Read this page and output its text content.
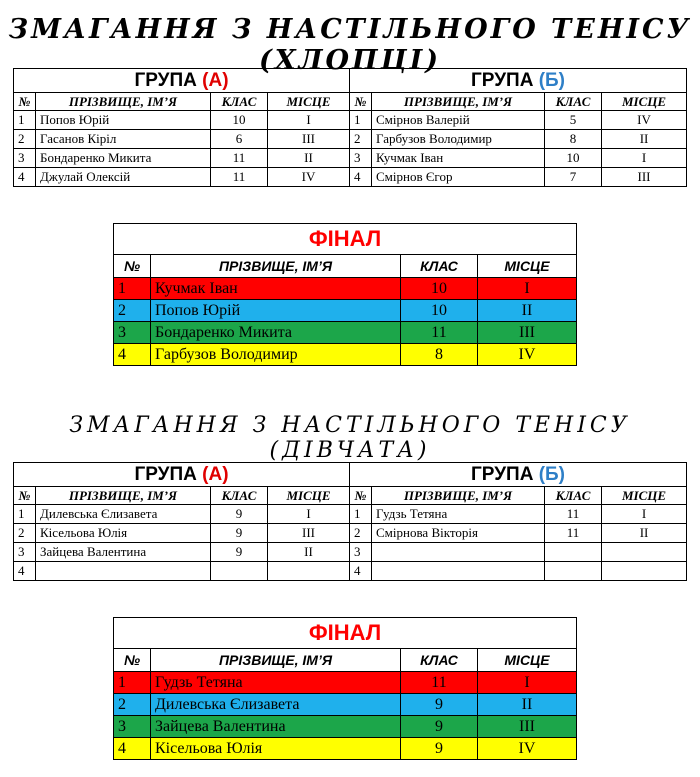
ЗМАГАННЯ З НАСТІЛЬНОГО ТЕНІСУ (ХЛОПЦІ)
ГРУПА (А)				ГРУПА (Б)			
№	ПРІЗВИЩЕ, ІМ’Я	КЛАС	МІСЦЕ	№	ПРІЗВИЩЕ, ІМ’Я	КЛАС	МІСЦЕ
1	Попов Юрій	10	I	1	Смірнов Валерій	5	IV
2	Гасанов Кіріл	6	III	2	Гарбузов Володимир	8	II
3	Бондаренко Микита	11	II	3	Кучмак Іван	10	I
4	Джулай Олексій	11	IV	4	Смірнов Єгор	7	III
ФІНАЛ			
№	ПРІЗВИЩЕ, ІМ’Я	КЛАС	МІСЦЕ
1	Кучмак Іван	10	I
2	Попов Юрій	10	II
3	Бондаренко Микита	11	III
4	Гарбузов Володимир	8	IV
ЗМАГАННЯ З НАСТІЛЬНОГО ТЕНІСУ (ДІВЧАТА)
ГРУПА (А)				ГРУПА (Б)			
№	ПРІЗВИЩЕ, ІМ’Я	КЛАС	МІСЦЕ	№	ПРІЗВИЩЕ, ІМ’Я	КЛАС	МІСЦЕ
1	Дилевська Єлизавета	9	I	1	Гудзь Тетяна	11	I
2	Кісельова Юлія	9	III	2	Смірнова Вікторія	11	II
3	Зайцева Валентина	9	II	3			
4				4			
ФІНАЛ			
№	ПРІЗВИЩЕ, ІМ’Я	КЛАС	МІСЦЕ
1	Гудзь Тетяна	11	I
2	Дилевська Єлизавета	9	II
3	Зайцева Валентина	9	III
4	Кісельова Юлія	9	IV
